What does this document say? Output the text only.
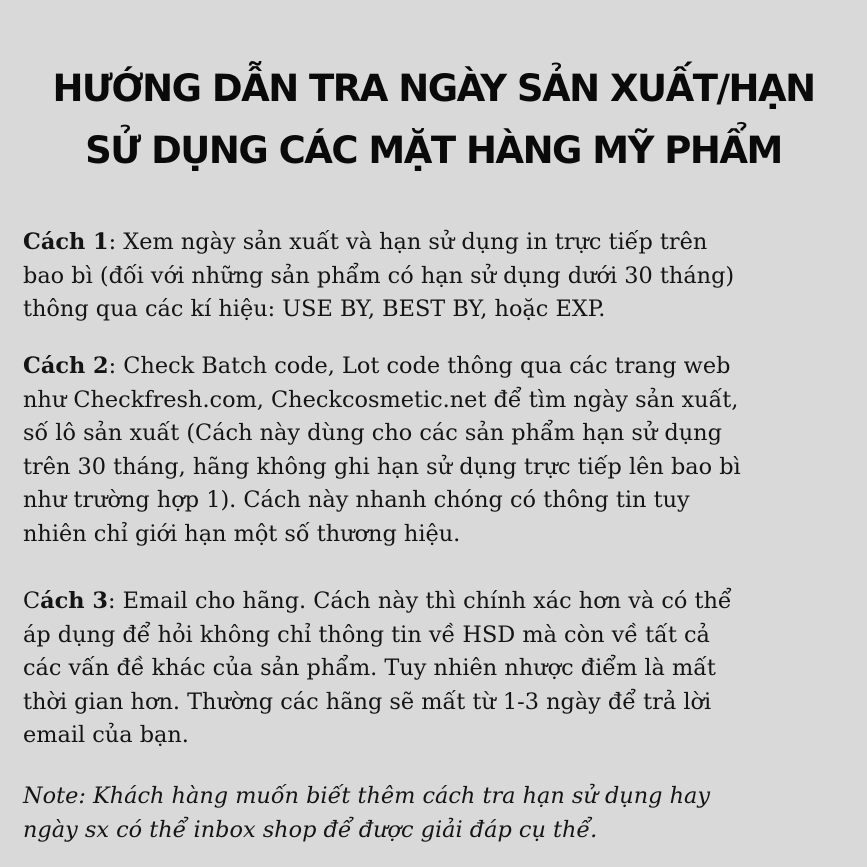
HƯỚNG DẪN TRA NGÀY SẢN XUẤT/HẠN
SỬ DỤNG CÁC MẶT HÀNG MỸ PHẨM

Cách 1: Xem ngày sản xuất và hạn sử dụng in trực tiếp trên
bao bì (đối với những sản phẩm có hạn sử dụng dưới 30 tháng)
thông qua các kí hiệu: USE BY, BEST BY, hoặc EXP.

Cách 2: Check Batch code, Lot code thông qua các trang web
như Checkfresh.com, Checkcosmetic.net để tìm ngày sản xuất,
số lô sản xuất (Cách này dùng cho các sản phẩm hạn sử dụng
trên 30 tháng, hãng không ghi hạn sử dụng trực tiếp lên bao bì
như trường hợp 1). Cách này nhanh chóng có thông tin tuy
nhiên chỉ giới hạn một số thương hiệu.

Cách 3: Email cho hãng. Cách này thì chính xác hơn và có thể
áp dụng để hỏi không chỉ thông tin về HSD mà còn về tất cả
các vấn đề khác của sản phẩm. Tuy nhiên nhược điểm là mất
thời gian hơn. Thường các hãng sẽ mất từ 1-3 ngày để trả lời
email của bạn.

Note: Khách hàng muốn biết thêm cách tra hạn sử dụng hay
ngày sx có thể inbox shop để được giải đáp cụ thể.
